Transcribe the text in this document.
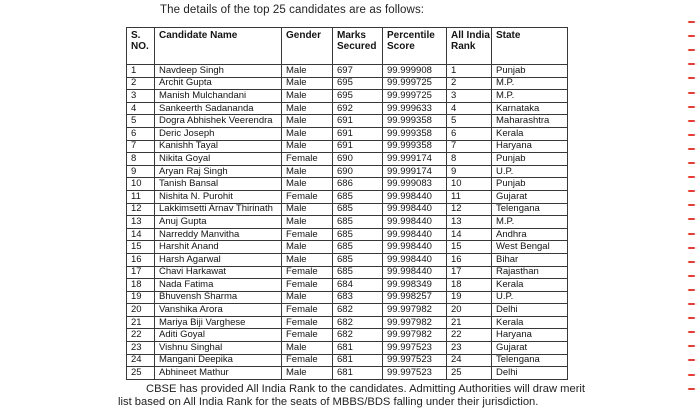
The details of the top 25 candidates are as follows:
S. NO.	Candidate Name	Gender	Marks Secured	Percentile Score	All India Rank	State
1	Navdeep Singh	Male	697	99.999908	1	Punjab
2	Archit Gupta	Male	695	99.999725	2	M.P.
3	Manish Mulchandani	Male	695	99.999725	3	M.P.
4	Sankeerth Sadananda	Male	692	99.999633	4	Karnataka
5	Dogra Abhishek Veerendra	Male	691	99.999358	5	Maharashtra
6	Deric Joseph	Male	691	99.999358	6	Kerala
7	Kanishh Tayal	Male	691	99.999358	7	Haryana
8	Nikita Goyal	Female	690	99.999174	8	Punjab
9	Aryan Raj Singh	Male	690	99.999174	9	U.P.
10	Tanish Bansal	Male	686	99.999083	10	Punjab
11	Nishita N. Purohit	Female	685	99.998440	11	Gujarat
12	Lakkimsetti Arnav Thirinath	Male	685	99.998440	12	Telengana
13	Anuj Gupta	Male	685	99.998440	13	M.P.
14	Narreddy Manvitha	Female	685	99.998440	14	Andhra
15	Harshit Anand	Male	685	99.998440	15	West Bengal
16	Harsh Agarwal	Male	685	99.998440	16	Bihar
17	Chavi Harkawat	Female	685	99.998440	17	Rajasthan
18	Nada Fatima	Female	684	99.998349	18	Kerala
19	Bhuvensh Sharma	Male	683	99.998257	19	U.P.
20	Vanshika Arora	Female	682	99.997982	20	Delhi
21	Mariya Biji Varghese	Female	682	99.997982	21	Kerala
22	Aditi Goyal	Female	682	99.997982	22	Haryana
23	Vishnu Singhal	Male	681	99.997523	23	Gujarat
24	Mangani Deepika	Female	681	99.997523	24	Telengana
25	Abhineet Mathur	Male	681	99.997523	25	Delhi
CBSE has provided All India Rank to the candidates. Admitting Authorities will draw merit list based on All India Rank for the seats of MBBS/BDS falling under their jurisdiction.
